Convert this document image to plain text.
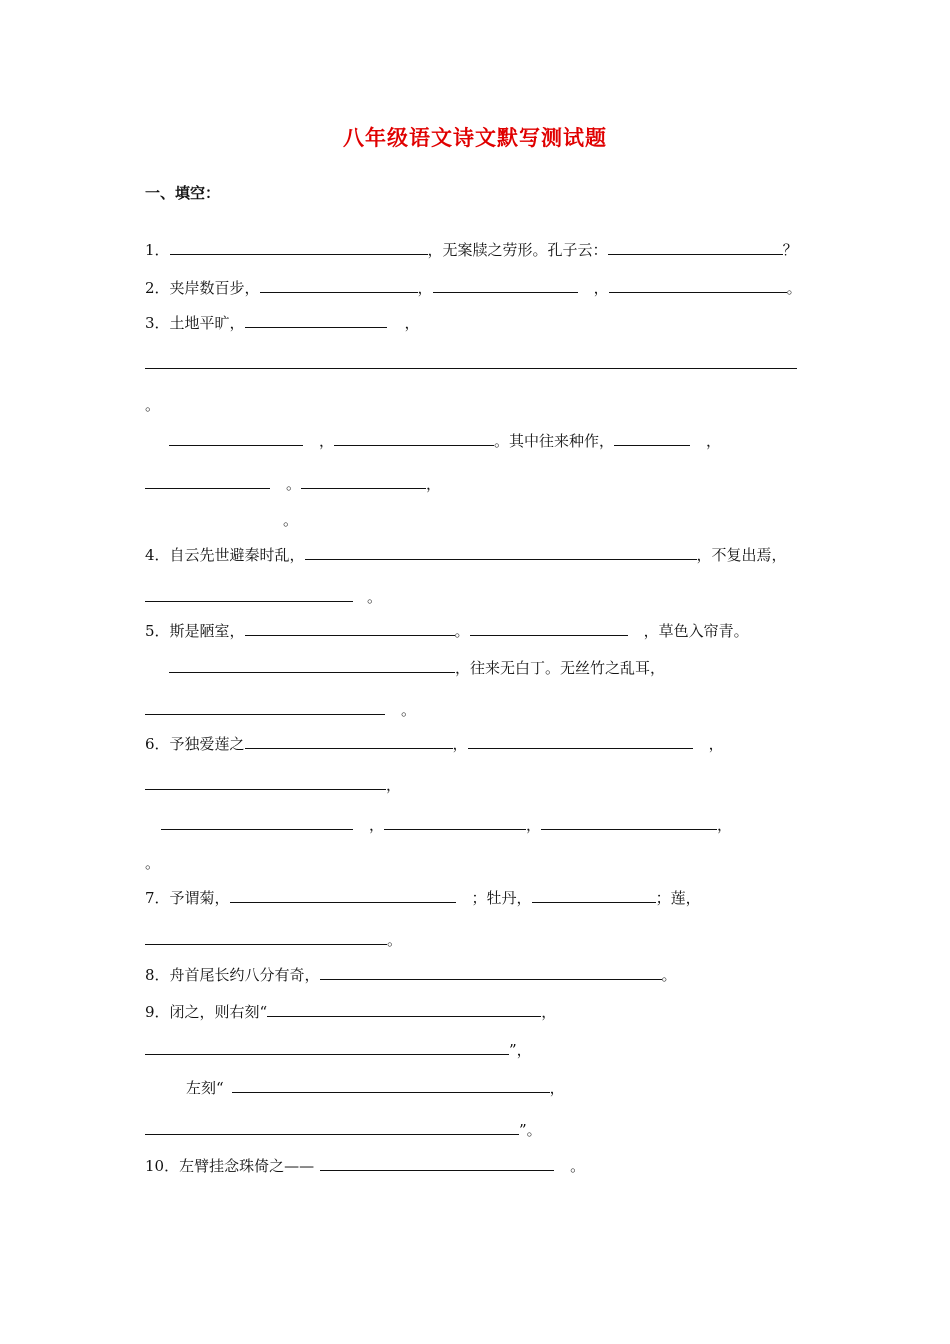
八年级语文诗文默写测试题
一、填空：
1．	，无案牍之劳形。孔子云：	？
2．夹岸数百步，	，	，	。
3．土地平旷，	，
。
，	。其中往来种作，	，
。	，
。
4．自云先世避秦时乱，	，不复出焉，
。
5．斯是陋室，	。	，草色入帘青。
，往来无白丁。无丝竹之乱耳，
。
6．予独爱莲之	，	，
，
，	，	，
。
7．予谓菊，	；牡丹，	；莲，
。
8．舟首尾长约八分有奇，	。
9．闭之，则右刻“	，
”，
左刻“	，
”。
10．左臂挂念珠倚之——	。
